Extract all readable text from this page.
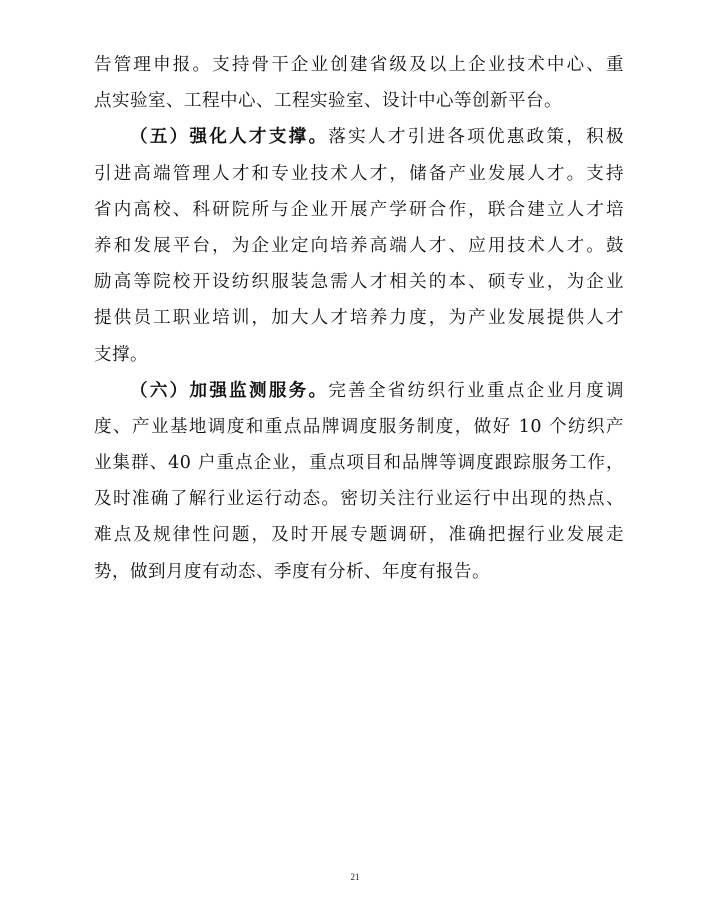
告管理申报。支持骨干企业创建省级及以上企业技术中心、重
点实验室、工程中心、工程实验室、设计中心等创新平台。
（五）强化人才支撑。落实人才引进各项优惠政策，积极
引进高端管理人才和专业技术人才，储备产业发展人才。支持
省内高校、科研院所与企业开展产学研合作，联合建立人才培
养和发展平台，为企业定向培养高端人才、应用技术人才。鼓
励高等院校开设纺织服装急需人才相关的本、硕专业，为企业
提供员工职业培训，加大人才培养力度，为产业发展提供人才
支撑。
（六）加强监测服务。完善全省纺织行业重点企业月度调
度、产业基地调度和重点品牌调度服务制度，做好 10 个纺织产
业集群、40 户重点企业，重点项目和品牌等调度跟踪服务工作，
及时准确了解行业运行动态。密切关注行业运行中出现的热点、
难点及规律性问题，及时开展专题调研，准确把握行业发展走
势，做到月度有动态、季度有分析、年度有报告。
21
